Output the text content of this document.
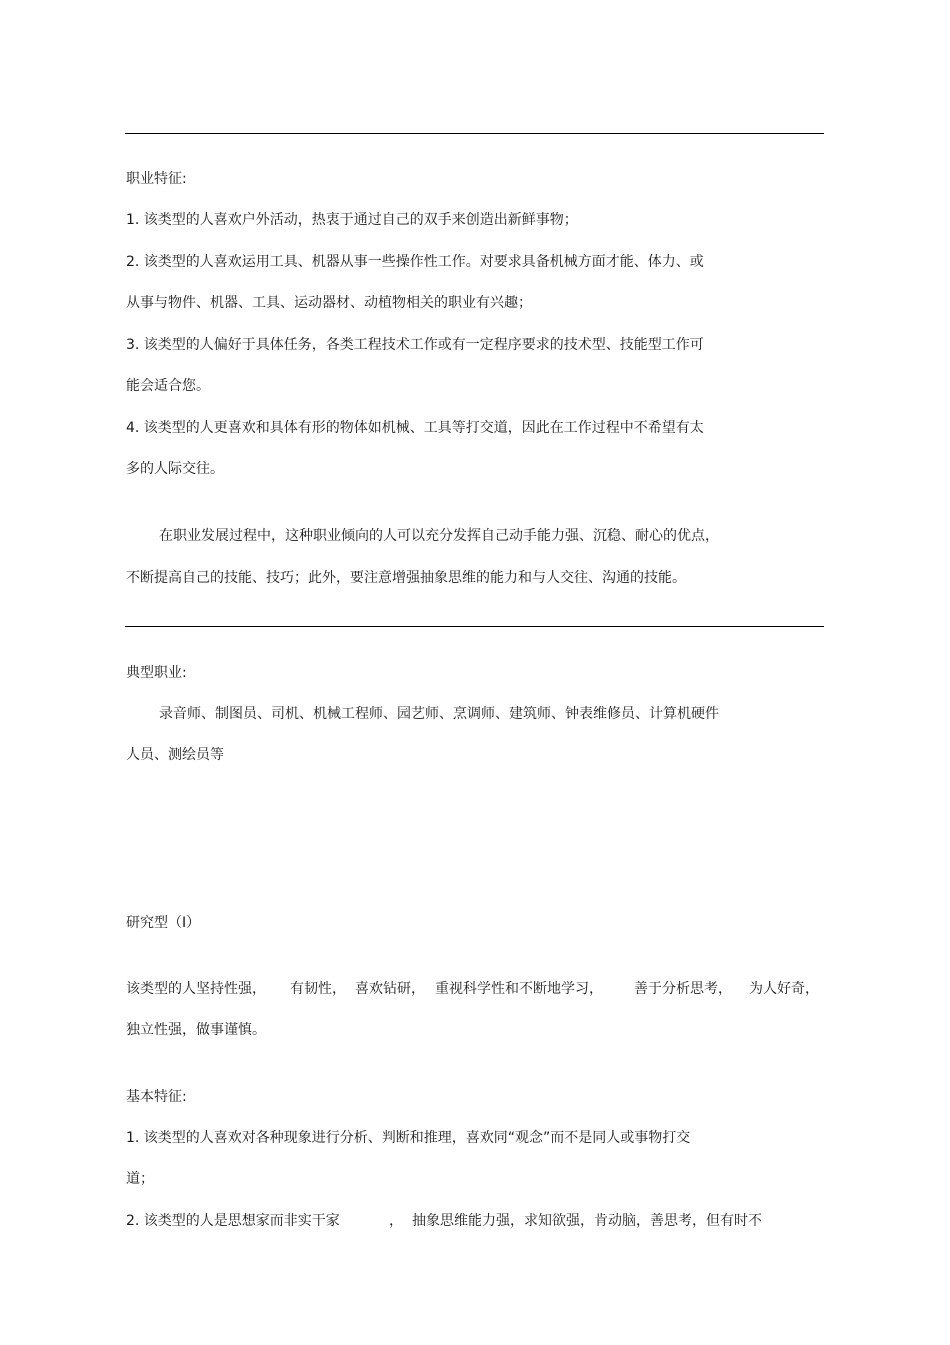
职业特征:
1. 该类型的人喜欢户外活动，热衷于通过自己的双手来创造出新鲜事物；
2. 该类型的人喜欢运用工具、机器从事一些操作性工作。对要求具备机械方面才能、体力、或
从事与物件、机器、工具、运动器材、动植物相关的职业有兴趣；
3. 该类型的人偏好于具体任务，各类工程技术工作或有一定程序要求的技术型、技能型工作可
能会适合您。
4. 该类型的人更喜欢和具体有形的物体如机械、工具等打交道，因此在工作过程中不希望有太
多的人际交往。
在职业发展过程中，这种职业倾向的人可以充分发挥自己动手能力强、沉稳、耐心的优点，
不断提高自己的技能、技巧；此外，要注意增强抽象思维的能力和与人交往、沟通的技能。
典型职业:
录音师、制图员、司机、机械工程师、园艺师、烹调师、建筑师、钟表维修员、计算机硬件
人员、测绘员等
研究型（I）
该类型的人坚持性强， 有韧性， 喜欢钻研， 重视科学性和不断地学习， 善于分析思考， 为人好奇，
独立性强，做事谨慎。
基本特征:
1. 该类型的人喜欢对各种现象进行分析、判断和推理，喜欢同“观念”而不是同人或事物打交
道；
2. 该类型的人是思想家而非实干家	， 抽象思维能力强，求知欲强，肯动脑，善思考，但有时不
